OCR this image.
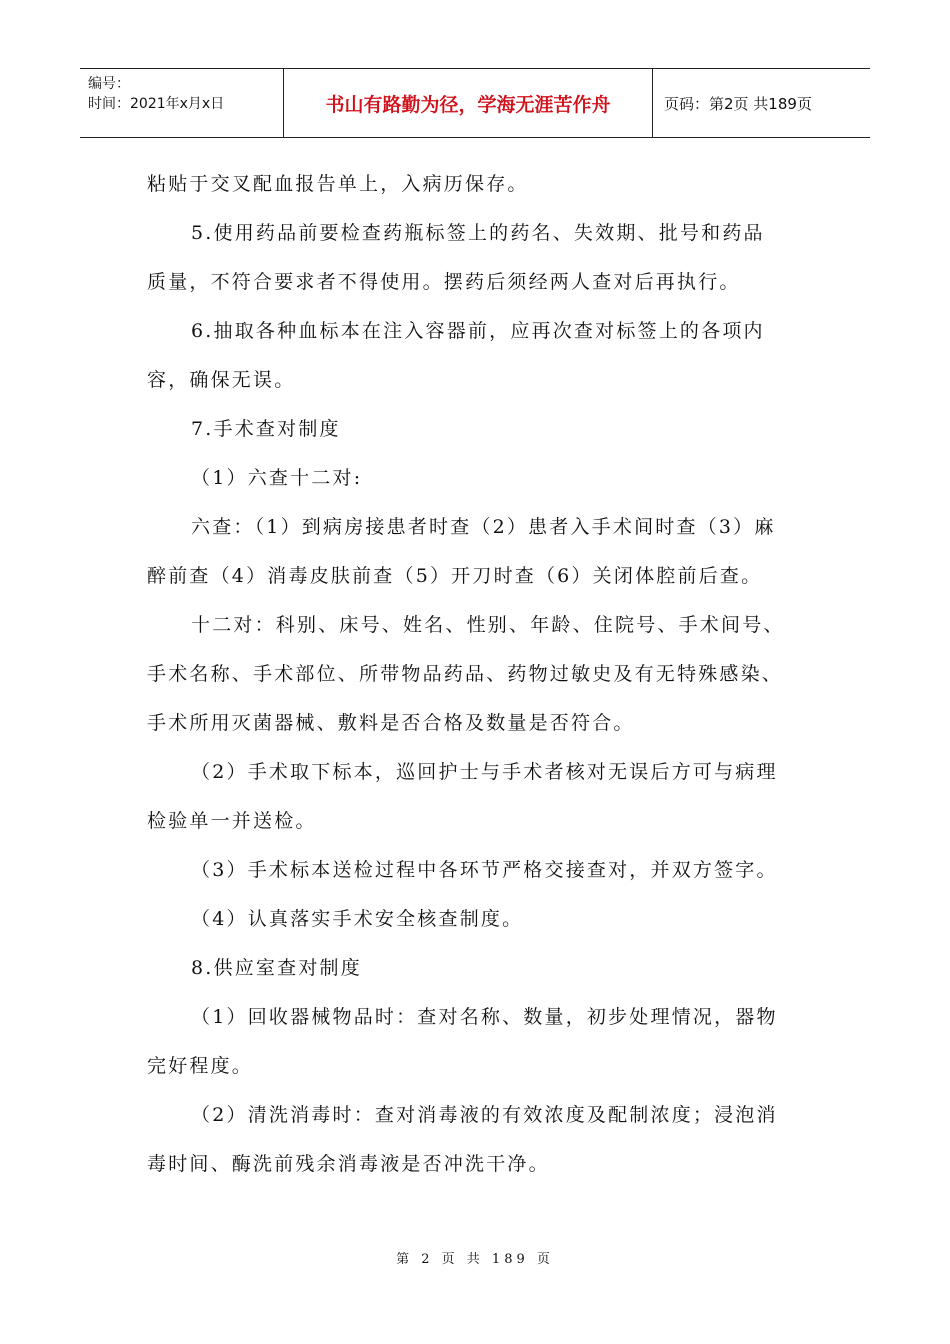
编号：
时间：2021年x月x日	书山有路勤为径，学海无涯苦作舟	页码：第2页 共189页

粘贴于交叉配血报告单上，入病历保存。

5.使用药品前要检查药瓶标签上的药名、失效期、批号和药品

质量，不符合要求者不得使用。摆药后须经两人查对后再执行。

6.抽取各种血标本在注入容器前，应再次查对标签上的各项内

容，确保无误。

7.手术查对制度

（1）六查十二对:

六查：（1）到病房接患者时查（2）患者入手术间时查（3）麻

醉前查（4）消毒皮肤前查（5）开刀时查（6）关闭体腔前后查。

十二对：科别、床号、姓名、性别、年龄、住院号、手术间号、

手术名称、手术部位、所带物品药品、药物过敏史及有无特殊感染、

手术所用灭菌器械、敷料是否合格及数量是否符合。

（2）手术取下标本，巡回护士与手术者核对无误后方可与病理

检验单一并送检。

（3）手术标本送检过程中各环节严格交接查对，并双方签字。

（4）认真落实手术安全核查制度。

8.供应室查对制度

（1）回收器械物品时：查对名称、数量，初步处理情况，器物

完好程度。

（2）清洗消毒时：查对消毒液的有效浓度及配制浓度；浸泡消

毒时间、酶洗前残余消毒液是否冲洗干净。

第 2 页 共 189 页
